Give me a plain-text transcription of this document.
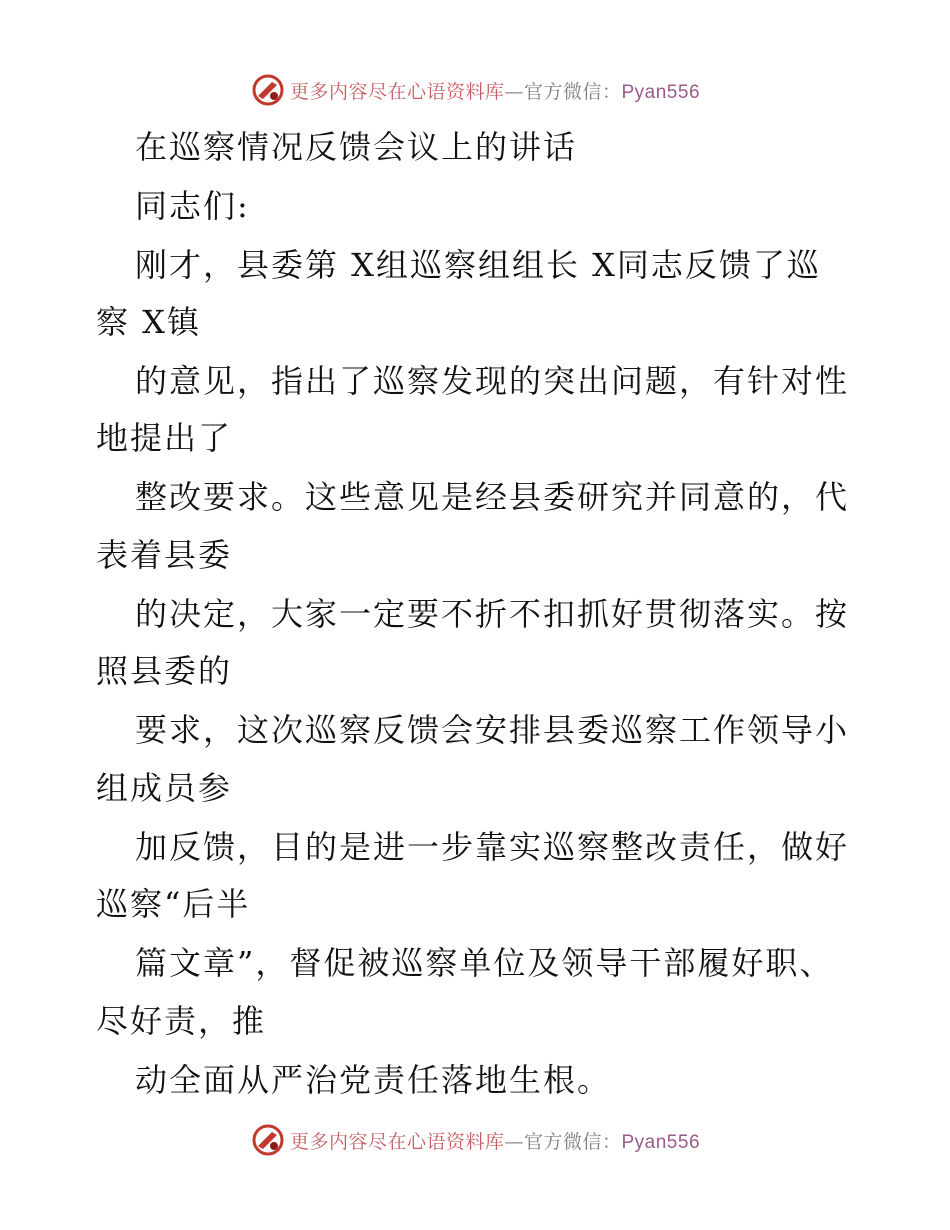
更多内容尽在心语资料库—官方微信：Pyan556
在巡察情况反馈会议上的讲话
同志们:
刚才，县委第 X组巡察组组长 X同志反馈了巡
察 X镇
的意见，指出了巡察发现的突出问题，有针对性
地提出了
整改要求。这些意见是经县委研究并同意的，代
表着县委
的决定，大家一定要不折不扣抓好贯彻落实。按
照县委的
要求，这次巡察反馈会安排县委巡察工作领导小
组成员参
加反馈，目的是进一步靠实巡察整改责任，做好
巡察“后半
篇文章”，督促被巡察单位及领导干部履好职、
尽好责，推
动全面从严治党责任落地生根。
更多内容尽在心语资料库—官方微信：Pyan556
